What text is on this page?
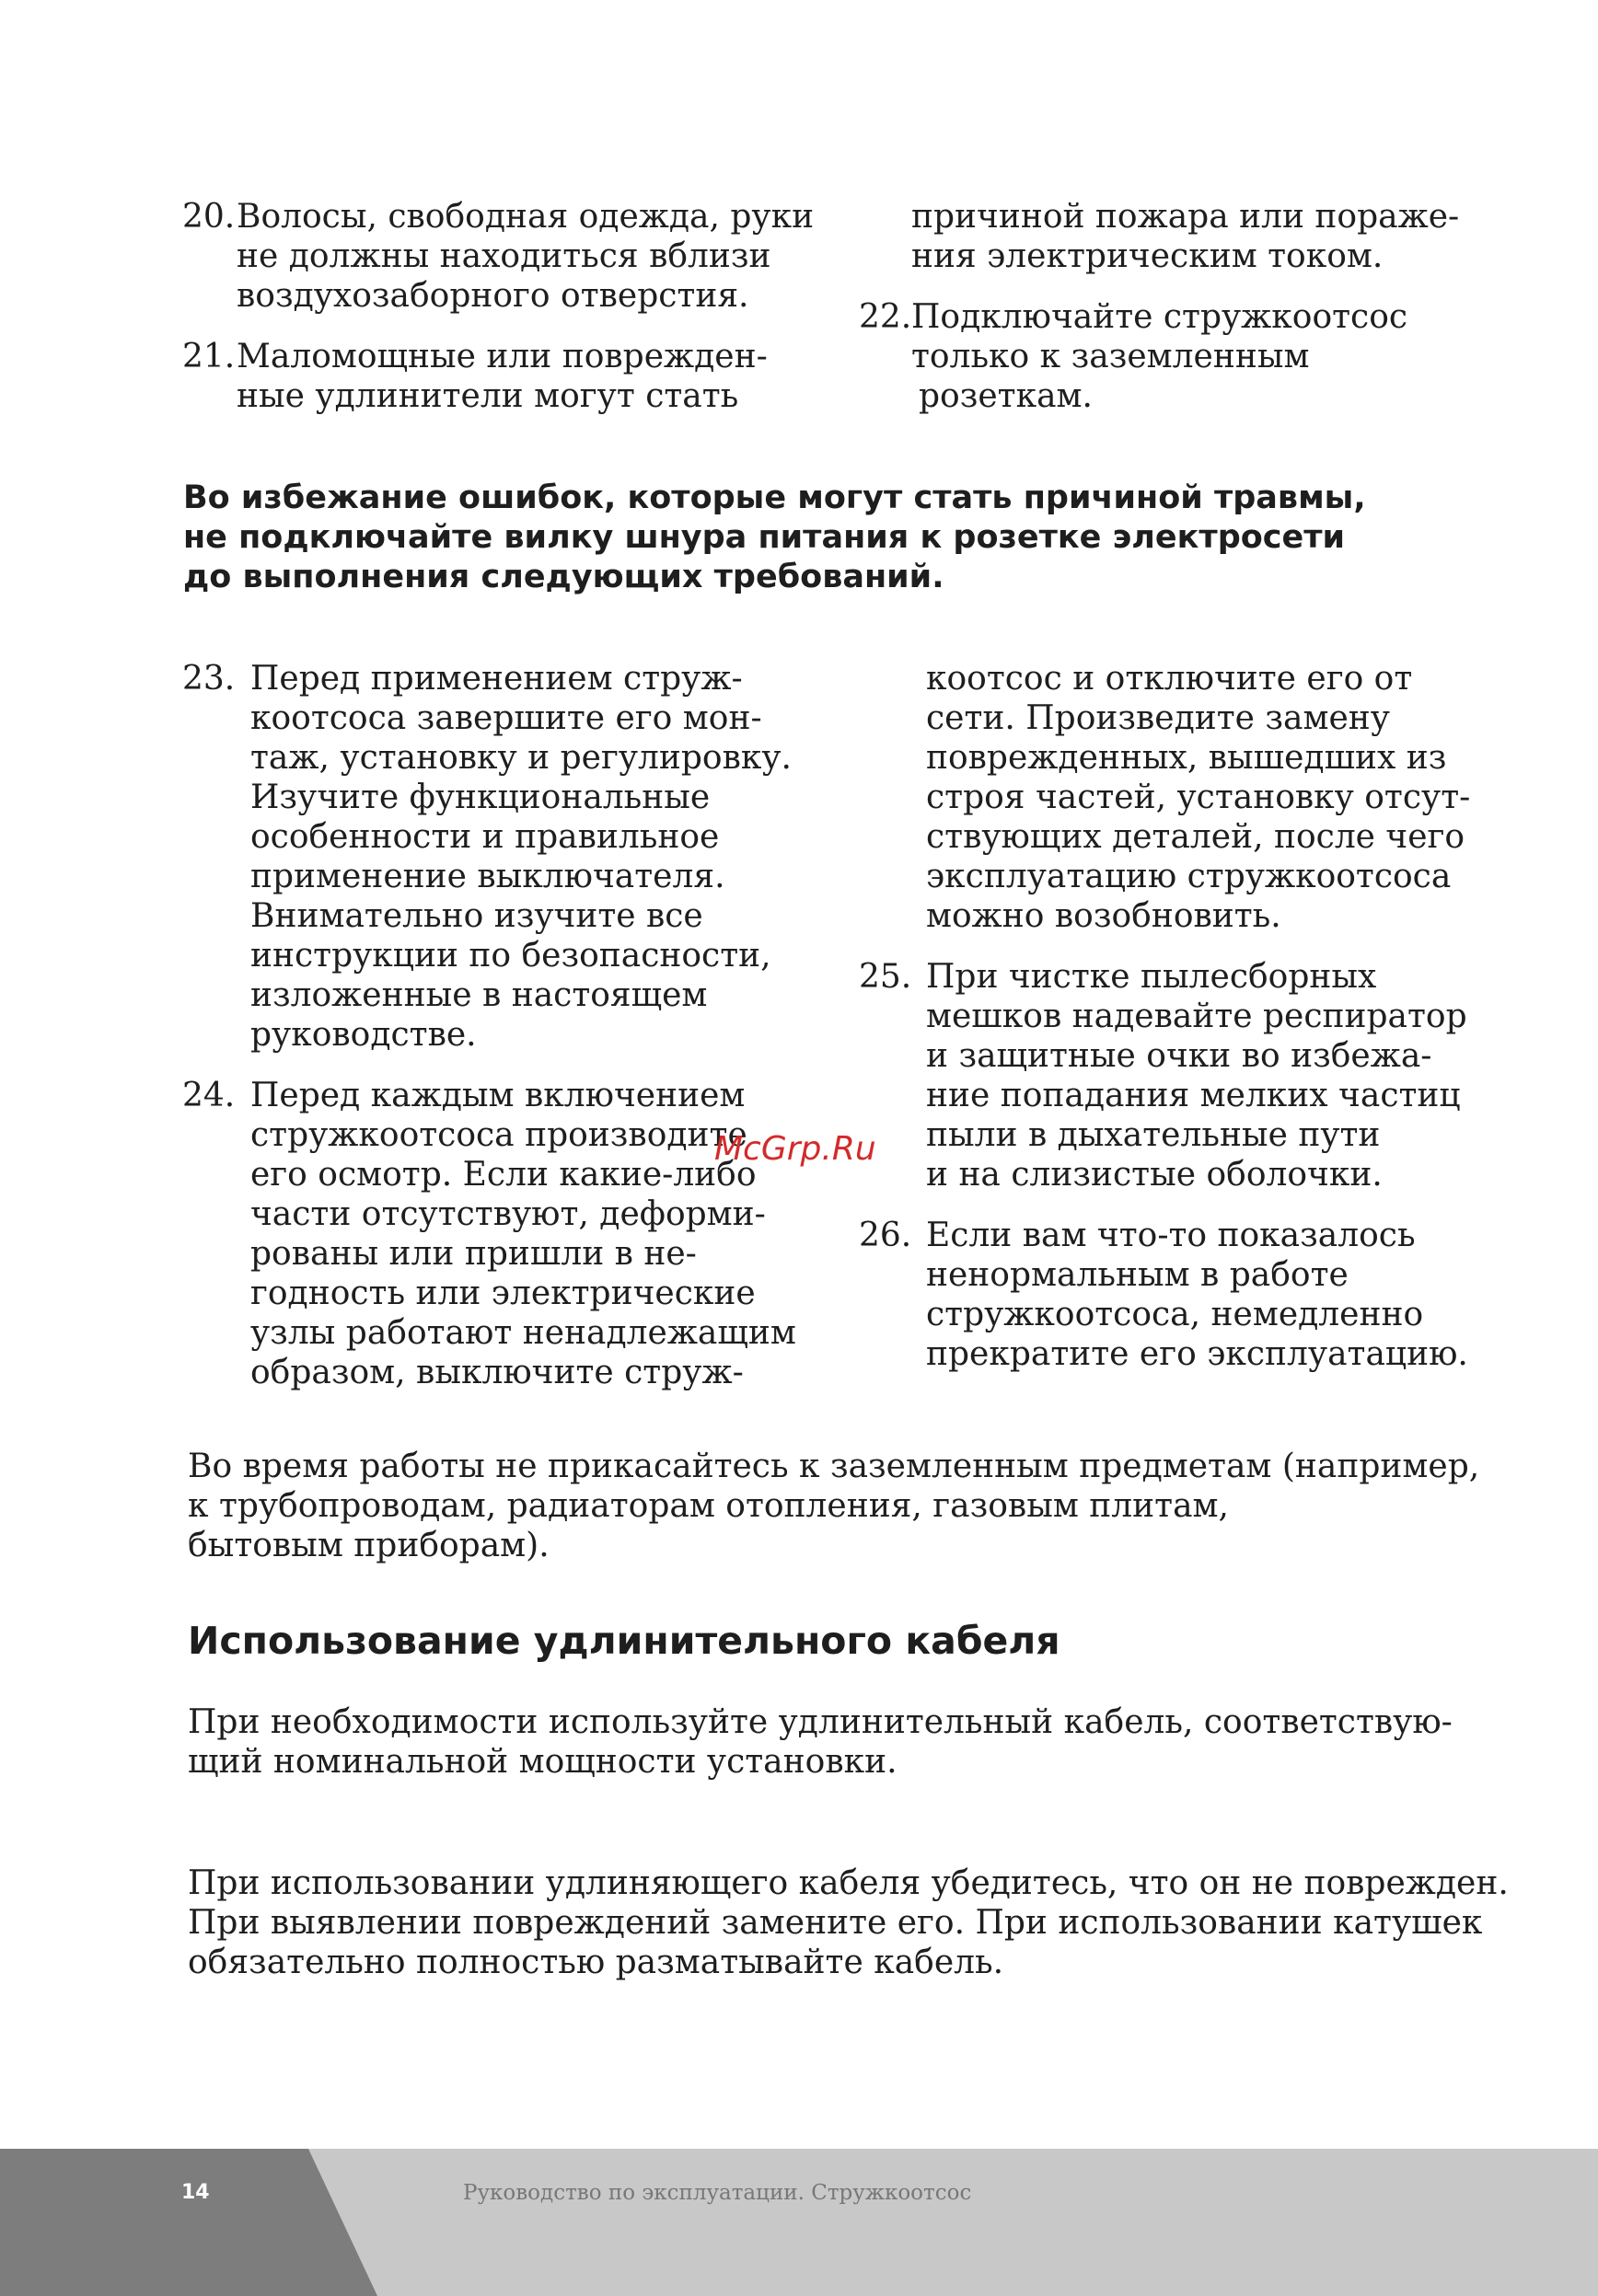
20. Волосы, свободная одежда, руки
не должны находиться вблизи
воздухозаборного отверстия.
21. Маломощные или поврежден-
ные удлинители могут стать
причиной пожара или пораже-
ния электрическим током.
22. Подключайте стружкоотсос
только к заземленным
розеткам.
Во избежание ошибок, которые могут стать причиной травмы,
не подключайте вилку шнура питания к розетке электросети
до выполнения следующих требований.
23. Перед применением струж-
коотсоса завершите его мон-
таж, установку и регулировку.
Изучите функциональные
особенности и правильное
применение выключателя.
Внимательно изучите все
инструкции по безопасности,
изложенные в настоящем
руководстве.
24. Перед каждым включением
стружкоотсоса производите
его осмотр. Если какие-либо
части отсутствуют, деформи-
рованы или пришли в не-
годность или электрические
узлы работают ненадлежащим
образом, выключите струж-
коотсос и отключите его от
сети. Произведите замену
поврежденных, вышедших из
строя частей, установку отсут-
ствующих деталей, после чего
эксплуатацию стружкоотсоса
можно возобновить.
25. При чистке пылесборных
мешков надевайте респиратор
и защитные очки во избежа-
ние попадания мелких частиц
пыли в дыхательные пути
и на слизистые оболочки.
26. Если вам что-то показалось
ненормальным в работе
стружкоотсоса, немедленно
прекратите его эксплуатацию.
McGrp.Ru
Во время работы не прикасайтесь к заземленным предметам (например,
к трубопроводам, радиаторам отопления, газовым плитам,
бытовым приборам).
Использование удлинительного кабеля
При необходимости используйте удлинительный кабель, соответствую-
щий номинальной мощности установки.
При использовании удлиняющего кабеля убедитесь, что он не поврежден.
При выявлении повреждений замените его. При использовании катушек
обязательно полностью разматывайте кабель.
14	Руководство по эксплуатации. Стружкоотсос
